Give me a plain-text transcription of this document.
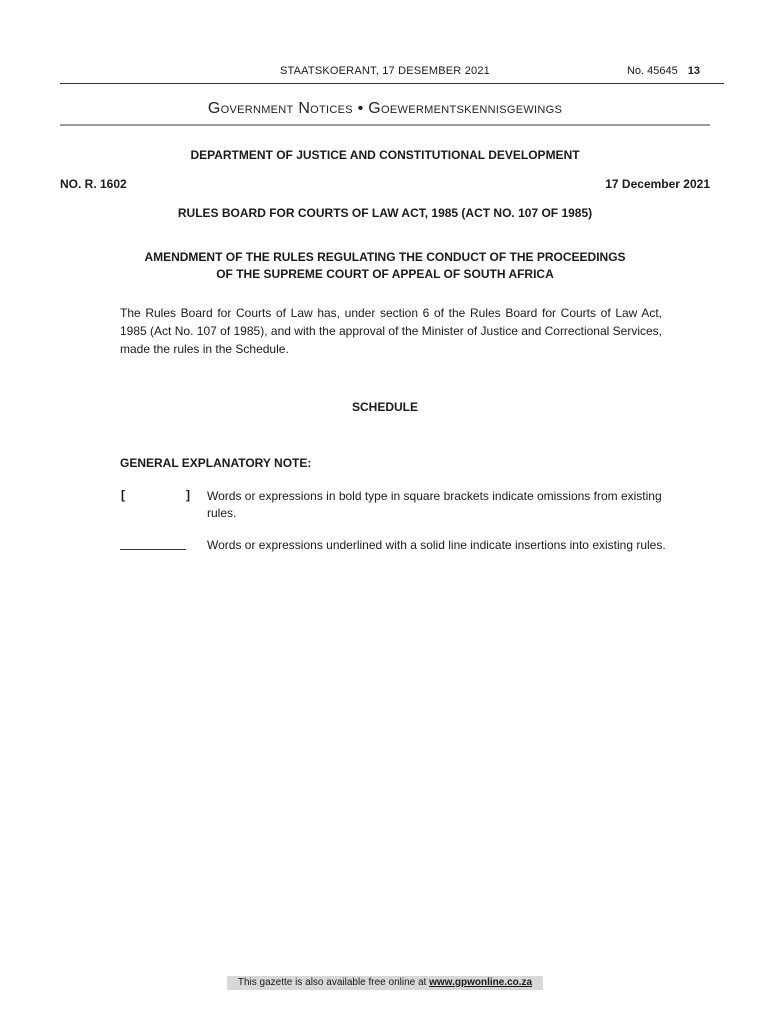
STAATSKOERANT, 17 DESEMBER 2021	No. 45645 13
Government Notices • Goewermentskennisgewings
DEPARTMENT OF JUSTICE AND CONSTITUTIONAL DEVELOPMENT
NO. R. 1602	17 December 2021
RULES BOARD FOR COURTS OF LAW ACT, 1985 (ACT NO. 107 OF 1985)
AMENDMENT OF THE RULES REGULATING THE CONDUCT OF THE PROCEEDINGS
OF THE SUPREME COURT OF APPEAL OF SOUTH AFRICA
The Rules Board for Courts of Law has, under section 6 of the Rules Board for Courts of Law Act, 1985 (Act No. 107 of 1985), and with the approval of the Minister of Justice and Correctional Services, made the rules in the Schedule.
SCHEDULE
GENERAL EXPLANATORY NOTE:
[	] Words or expressions in bold type in square brackets indicate omissions from existing rules.
Words or expressions underlined with a solid line indicate insertions into existing rules.
This gazette is also available free online at www.gpwonline.co.za
